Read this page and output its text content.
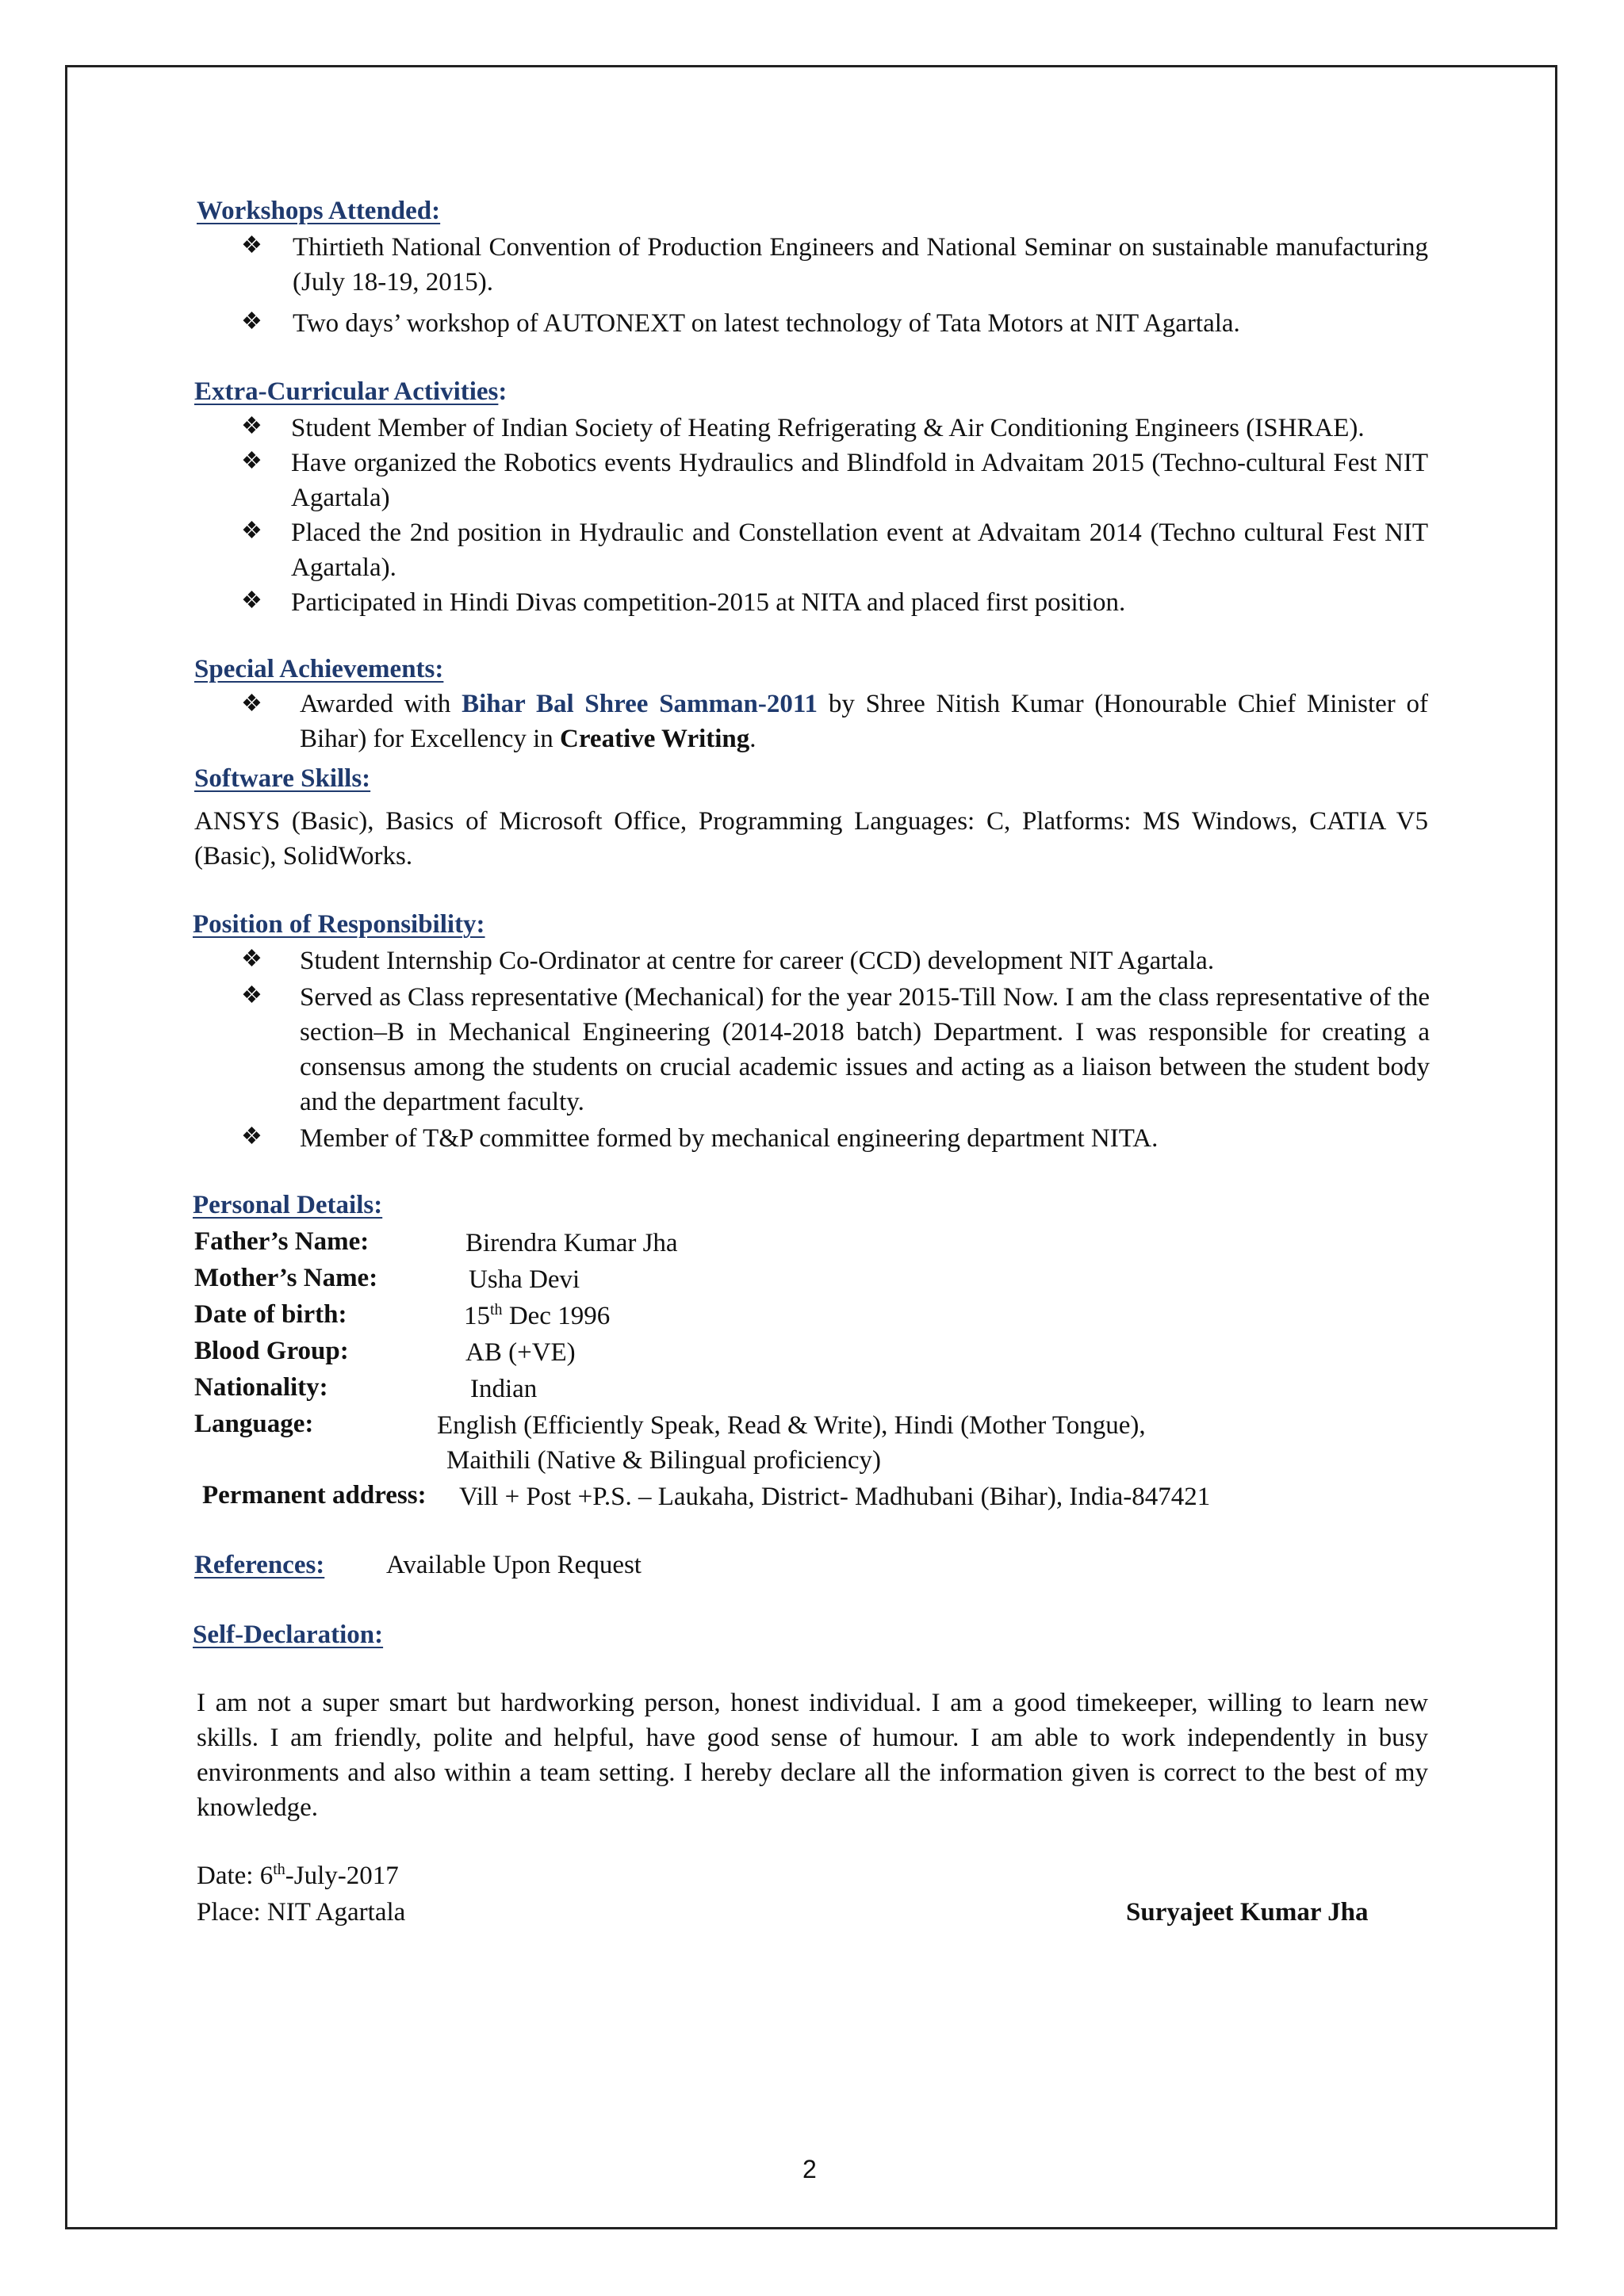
Workshops Attended:
❖ Thirtieth National Convention of Production Engineers and National Seminar on sustainable manufacturing (July 18-19, 2015).
❖ Two days’ workshop of AUTONEXT on latest technology of Tata Motors at NIT Agartala.
Extra-Curricular Activities:
❖ Student Member of Indian Society of Heating Refrigerating & Air Conditioning Engineers (ISHRAE).
❖ Have organized the Robotics events Hydraulics and Blindfold in Advaitam 2015 (Techno-cultural Fest NIT Agartala)
❖ Placed the 2nd position in Hydraulic and Constellation event at Advaitam 2014 (Techno cultural Fest NIT Agartala).
❖ Participated in Hindi Divas competition-2015 at NITA and placed first position.
Special Achievements:
❖ Awarded with Bihar Bal Shree Samman-2011 by Shree Nitish Kumar (Honourable Chief Minister of Bihar) for Excellency in Creative Writing.
Software Skills:
ANSYS (Basic), Basics of Microsoft Office, Programming Languages: C, Platforms: MS Windows, CATIA V5 (Basic), SolidWorks.
Position of Responsibility:
❖ Student Internship Co-Ordinator at centre for career (CCD) development NIT Agartala.
❖ Served as Class representative (Mechanical) for the year 2015-Till Now. I am the class representative of the section–B in Mechanical Engineering (2014-2018 batch) Department. I was responsible for creating a consensus among the students on crucial academic issues and acting as a liaison between the student body and the department faculty.
❖ Member of T&P committee formed by mechanical engineering department NITA.
Personal Details:
Father’s Name:	Birendra Kumar Jha
Mother’s Name:	Usha Devi
Date of birth:	15th Dec 1996
Blood Group:	AB (+VE)
Nationality:	Indian
Language:	English (Efficiently Speak, Read & Write), Hindi (Mother Tongue),
Maithili (Native & Bilingual proficiency)
Permanent address: Vill + Post +P.S. – Laukaha, District- Madhubani (Bihar), India-847421
References: Available Upon Request
Self-Declaration:
I am not a super smart but hardworking person, honest individual. I am a good timekeeper, willing to learn new skills. I am friendly, polite and helpful, have good sense of humour. I am able to work independently in busy environments and also within a team setting. I hereby declare all the information given is correct to the best of my knowledge.
Date: 6th-July-2017
Place: NIT Agartala	Suryajeet Kumar Jha
2
